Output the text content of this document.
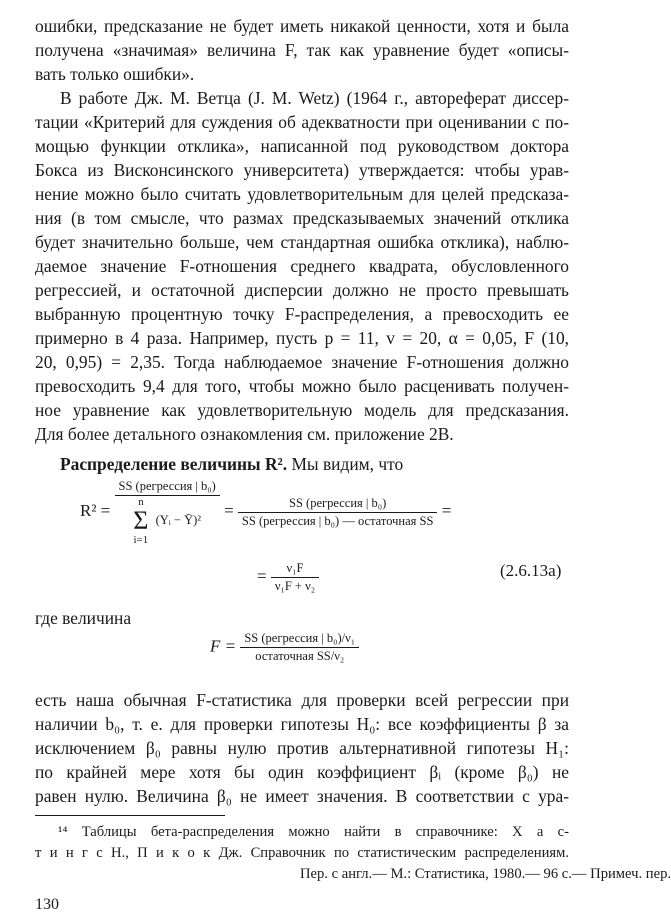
ошибки, предсказание не будет иметь никакой ценности, хотя и была
получена «значимая» величина F, так как уравнение будет «описы-
вать только ошибки».
В работе Дж. М. Ветца (J. M. Wetz) (1964 г., автореферат диссер-
тации «Критерий для суждения об адекватности при оценивании с по-
мощью функции отклика», написанной под руководством доктора
Бокса из Висконсинского университета) утверждается: чтобы урав-
нение можно было считать удовлетворительным для целей предсказа-
ния (в том смысле, что размах предсказываемых значений отклика
будет значительно больше, чем стандартная ошибка отклика), наблю-
даемое значение F-отношения среднего квадрата, обусловленного
регрессией, и остаточной дисперсии должно не просто превышать
выбранную процентную точку F-распределения, а превосходить ее
примерно в 4 раза. Например, пусть p = 11, v = 20, α = 0,05, F (10,
20, 0,95) = 2,35. Тогда наблюдаемое значение F-отношения должно
превосходить 9,4 для того, чтобы можно было расценивать получен-
ное уравнение как удовлетворительную модель для предсказания.
Для более детального ознакомления см. приложение 2В.
Распределение величины R². Мы видим, что
R² = SS (регрессия | b₀)
n
Σ
i=1
(Yᵢ − Ȳ)² = $\frac{\text{SS (регрессия | b₀)}}{\text{SS (регрессия | b₀) — остаточная SS}}$ =
= $\frac{\text{ν₁F}}{\text{ν₁F + ν₂}}$	(2.6.13a)
где величина
$F = \frac{\text{SS (регрессия | b₀)/ν₁}}{\text{остаточная SS/ν₂}}$
есть наша обычная F-статистика для проверки всей регрессии при
наличии b₀, т. е. для проверки гипотезы H₀: все коэффициенты β за
исключением β₀ равны нулю против альтернативной гипотезы H₁:
по крайней мере хотя бы один коэффициент βᵢ (кроме β₀) не
равен нулю. Величина β₀ не имеет значения. В соответствии с ура-
¹⁴ Таблицы бета-распределения можно найти в справочнике: Х а с-
т и н г с Н., П и к о к Дж. Справочник по статистическим распределениям.
Пер. с англ.— М.: Статистика, 1980.— 96 с.— Примеч. пер.
130
